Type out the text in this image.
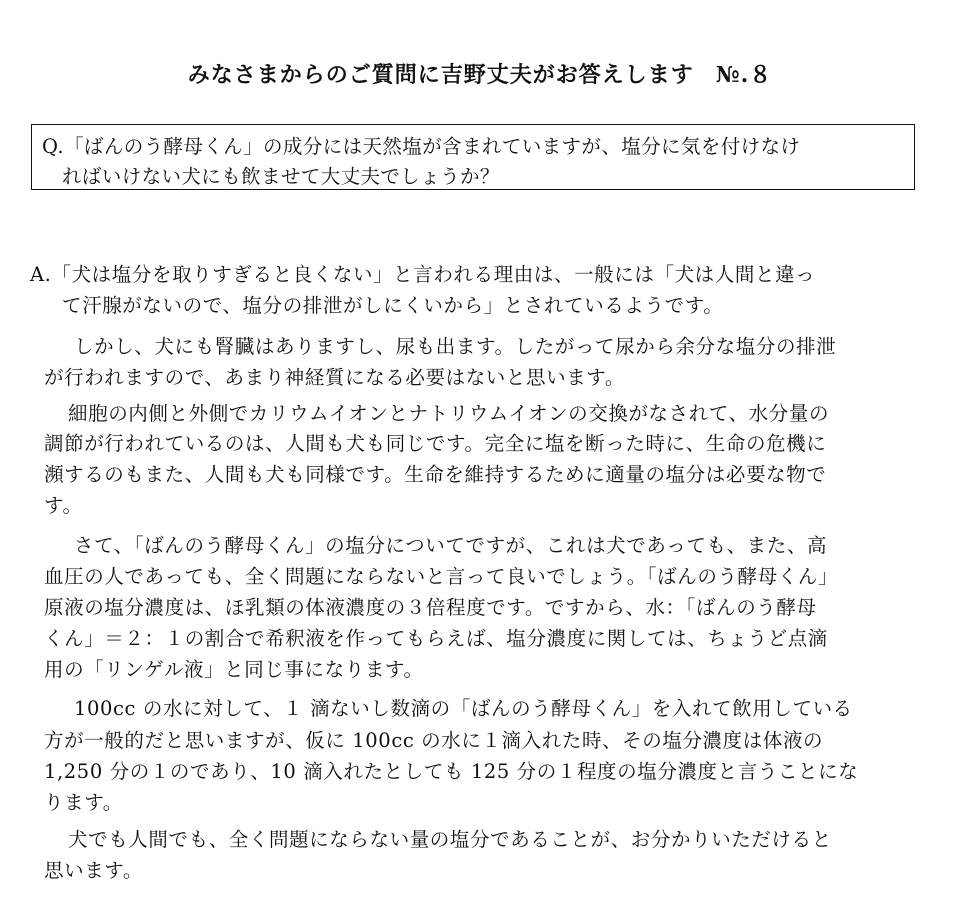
みなさまからのご質問に吉野丈夫がお答えします №.８
Q.「ばんのう酵母くん」の成分には天然塩が含まれていますが、塩分に気を付けなけ
ればいけない犬にも飲ませて大丈夫でしょうか？
A.「犬は塩分を取りすぎると良くない」と言われる理由は、一般には「犬は人間と違っ
て汗腺がないので、塩分の排泄がしにくいから」とされているようです。
しかし、犬にも腎臓はありますし、尿も出ます。したがって尿から余分な塩分の排泄
が行われますので、あまり神経質になる必要はないと思います。
細胞の内側と外側でカリウムイオンとナトリウムイオンの交換がなされて、水分量の
調節が行われているのは、人間も犬も同じです。完全に塩を断った時に、生命の危機に
瀕するのもまた、人間も犬も同様です。生命を維持するために適量の塩分は必要な物で
す。
さて、「ばんのう酵母くん」の塩分についてですが、これは犬であっても、また、高
血圧の人であっても、全く問題にならないと言って良いでしょう。「ばんのう酵母くん」
原液の塩分濃度は、ほ乳類の体液濃度の３倍程度です。ですから、水：「ばんのう酵母
くん」＝２：１の割合で希釈液を作ってもらえば、塩分濃度に関しては、ちょうど点滴
用の「リンゲル液」と同じ事になります。
100cc の水に対して、１ 滴ないし数滴の「ばんのう酵母くん」を入れて飲用している
方が一般的だと思いますが、仮に 100cc の水に１滴入れた時、その塩分濃度は体液の
1,250 分の１のであり、10 滴入れたとしても 125 分の１程度の塩分濃度と言うことにな
ります。
犬でも人間でも、全く問題にならない量の塩分であることが、お分かりいただけると
思います。
